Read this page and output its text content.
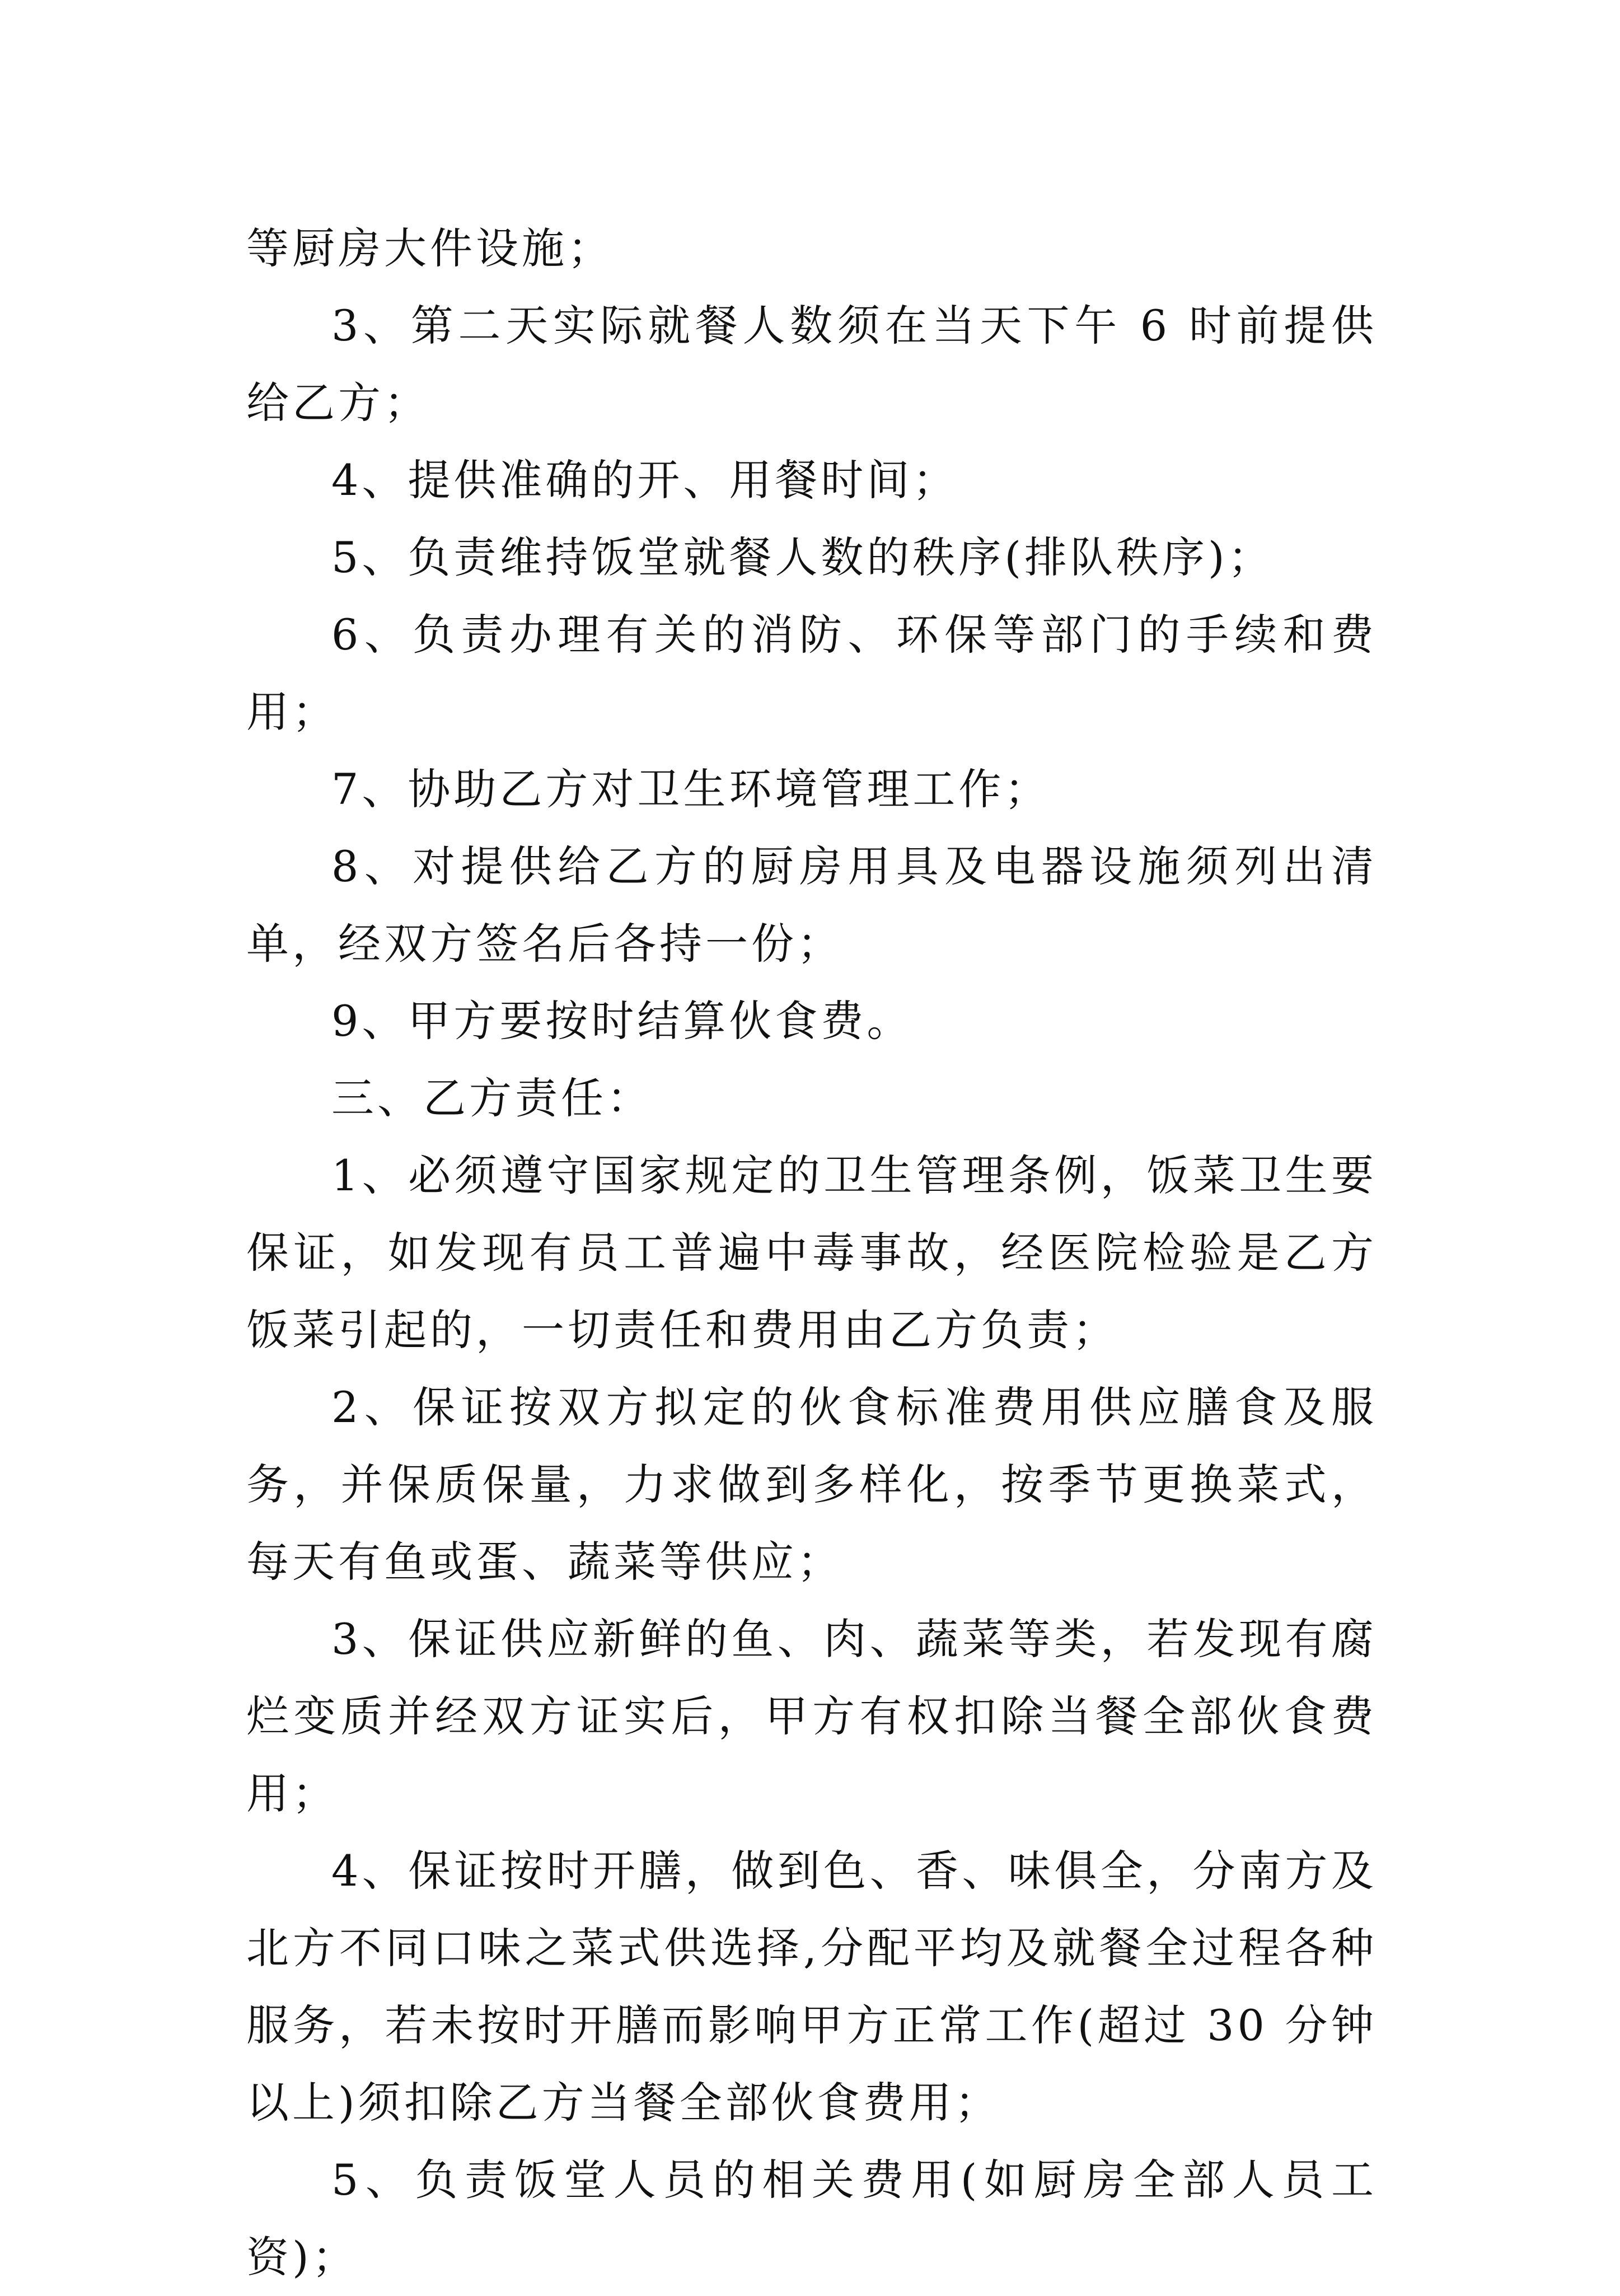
等厨房大件设施；

3、第二天实际就餐人数须在当天下午 6 时前提供给乙方；

4、提供准确的开、用餐时间；

5、负责维持饭堂就餐人数的秩序(排队秩序)；

6、负责办理有关的消防、环保等部门的手续和费用；

7、协助乙方对卫生环境管理工作；

8、对提供给乙方的厨房用具及电器设施须列出清单，经双方签名后各持一份；

9、甲方要按时结算伙食费。

三、乙方责任：

1、必须遵守国家规定的卫生管理条例，饭菜卫生要保证，如发现有员工普遍中毒事故，经医院检验是乙方饭菜引起的，一切责任和费用由乙方负责；

2、保证按双方拟定的伙食标准费用供应膳食及服务，并保质保量，力求做到多样化，按季节更换菜式，每天有鱼或蛋、蔬菜等供应；

3、保证供应新鲜的鱼、肉、蔬菜等类，若发现有腐烂变质并经双方证实后，甲方有权扣除当餐全部伙食费用；

4、保证按时开膳，做到色、香、味俱全，分南方及北方不同口味之菜式供选择,分配平均及就餐全过程各种服务，若未按时开膳而影响甲方正常工作(超过 30 分钟以上)须扣除乙方当餐全部伙食费用；

5、负责饭堂人员的相关费用(如厨房全部人员工资)；
